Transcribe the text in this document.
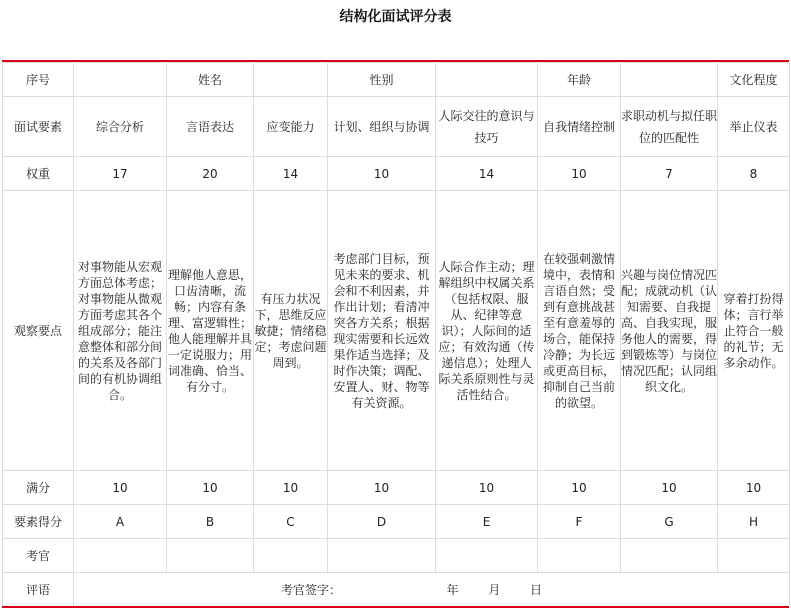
结构化面试评分表
序号		姓名		性别		年龄		文化程度
面试要素	综合分析	言语表达	应变能力	计划、组织与协调	人际交往的意识与技巧	自我情绪控制	求职动机与拟任职位的匹配性	举止仪表
权重	17	20	14	10	14	10	7	8
观察要点	对事物能从宏观方面总体考虑；对事物能从微观方面考虑其各个组成部分；能注意整体和部分间的关系及各部门间的有机协调组合。	理解他人意思，口齿清晰，流畅；内容有条理、富逻辑性；他人能理解并具一定说服力；用词准确、恰当、有分寸。	有压力状况下，思维反应敏捷；情绪稳定；考虑问题周到。	考虑部门目标，预见未来的要求、机会和不利因素，并作出计划；看清冲突各方关系；根据现实需要和长远效果作适当选择；及时作决策；调配、安置人、财、物等有关资源。	人际合作主动；理解组织中权属关系（包括权限、服从、纪律等意识）；人际间的适应；有效沟通（传递信息）；处理人际关系原则性与灵活性结合。	在较强刺激情境中，表情和言语自然；受到有意挑战甚至有意羞辱的场合，能保持冷静；为长远或更高目标，抑制自己当前的欲望。	兴趣与岗位情况匹配；成就动机（认知需要、自我提高、自我实现，服务他人的需要，得到锻炼等）与岗位情况匹配；认同组织文化。	穿着打扮得体；言行举止符合一般的礼节；无多余动作。
满分	10	10	10	10	10	10	10	10
要素得分	A	B	C	D	E	F	G	H
考官								
评语	考官签字： 年 月 日							
